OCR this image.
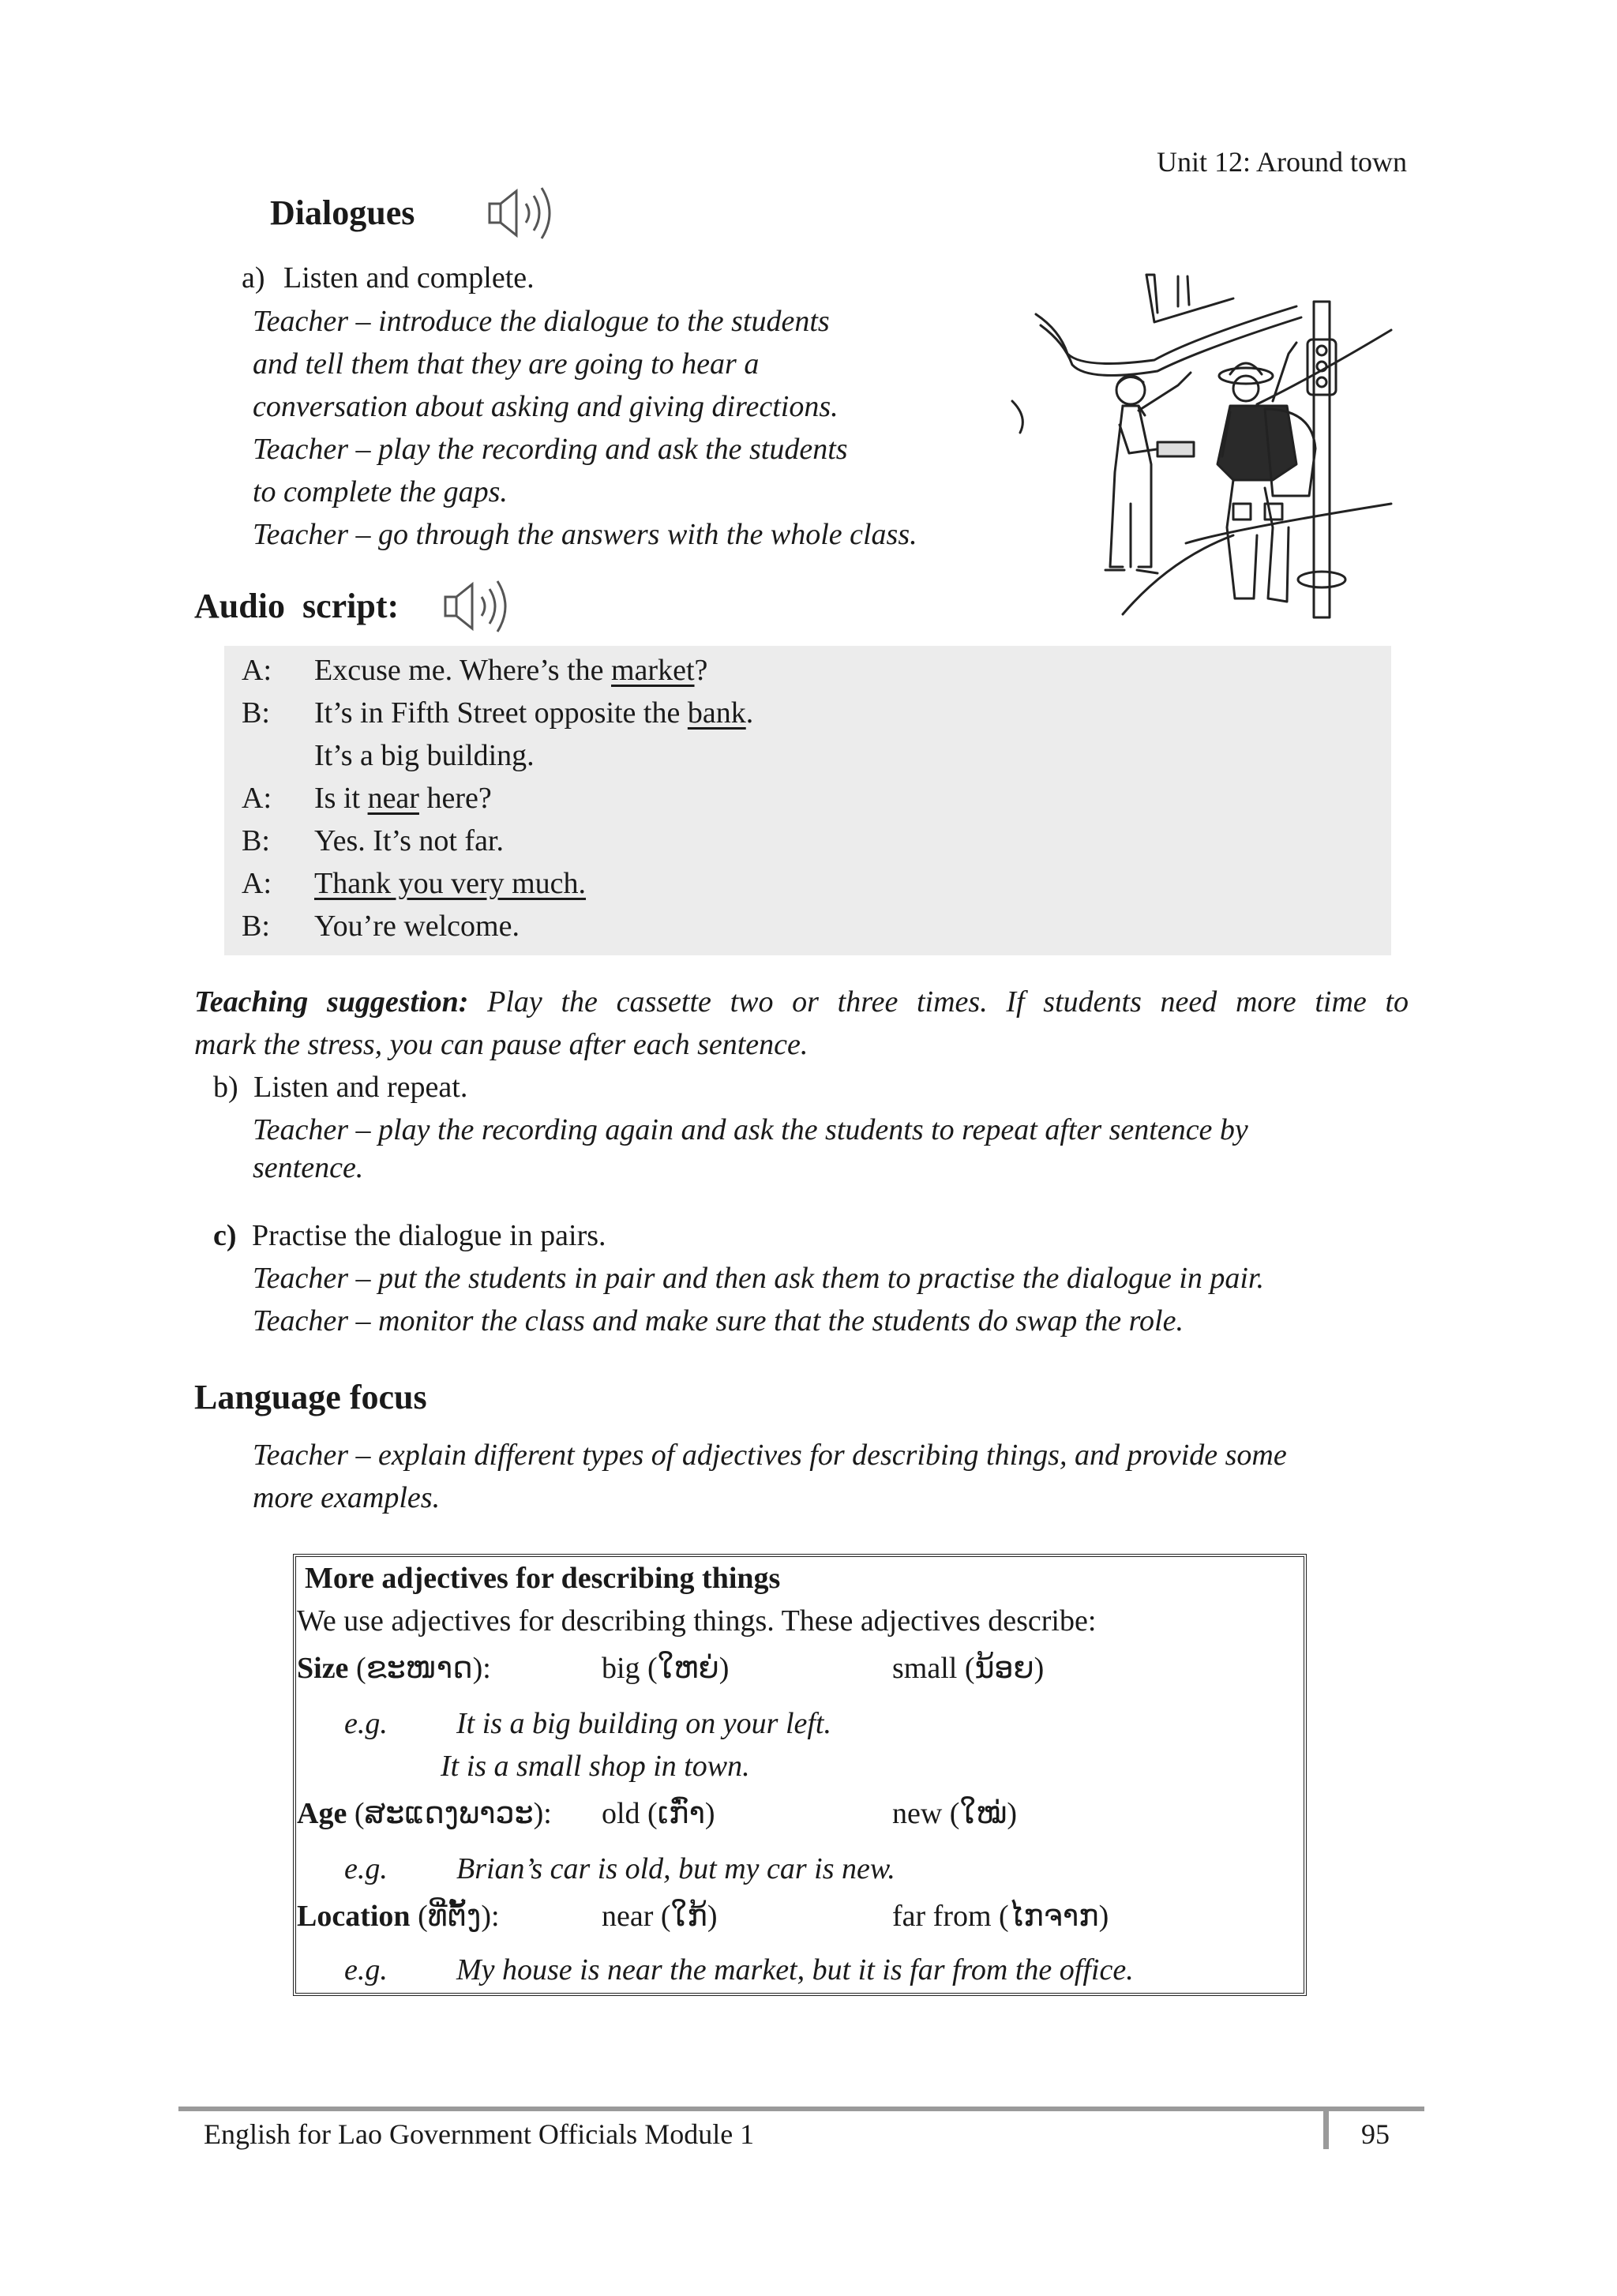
Unit 12: Around town
Dialogues
a) Listen and complete.
Teacher – introduce the dialogue to the students
and tell them that they are going to hear a
conversation about asking and giving directions.
Teacher – play the recording and ask the students
to complete the gaps.
Teacher – go through the answers with the whole class.
Audio  script:
A: Excuse me. Where’s the market?
B: It’s in Fifth Street opposite the bank.
It’s a big building.
A: Is it near here?
B: Yes. It’s not far.
A: Thank you very much.
B: You’re welcome.
Teaching suggestion: Play the cassette two or three times. If students need more time to
mark the stress, you can pause after each sentence.
b) Listen and repeat.
Teacher – play the recording again and ask the students to repeat after sentence by
sentence.
c) Practise the dialogue in pairs.
Teacher – put the students in pair and then ask them to practise the dialogue in pair.
Teacher – monitor the class and make sure that the students do swap the role.
Language focus
Teacher – explain different types of adjectives for describing things, and provide some
more examples.
More adjectives for describing things
We use adjectives for describing things. These adjectives describe:
Size (ຂະໜາດ):	big (ໃຫຍ່)	small (ນ້ອຍ)
e.g. It is a big building on your left.
It is a small shop in town.
Age (ສະແດງພາວະ): old (ເກົ່າ)	new (ໃໝ່)
e.g. Brian’s car is old, but my car is new.
Location (ທີ່ຕັ້ງ):	near (ໃກ້)	far from (ໄກຈາກ)
e.g. My house is near the market, but it is far from the office.
English for Lao Government Officials Module 1	95
